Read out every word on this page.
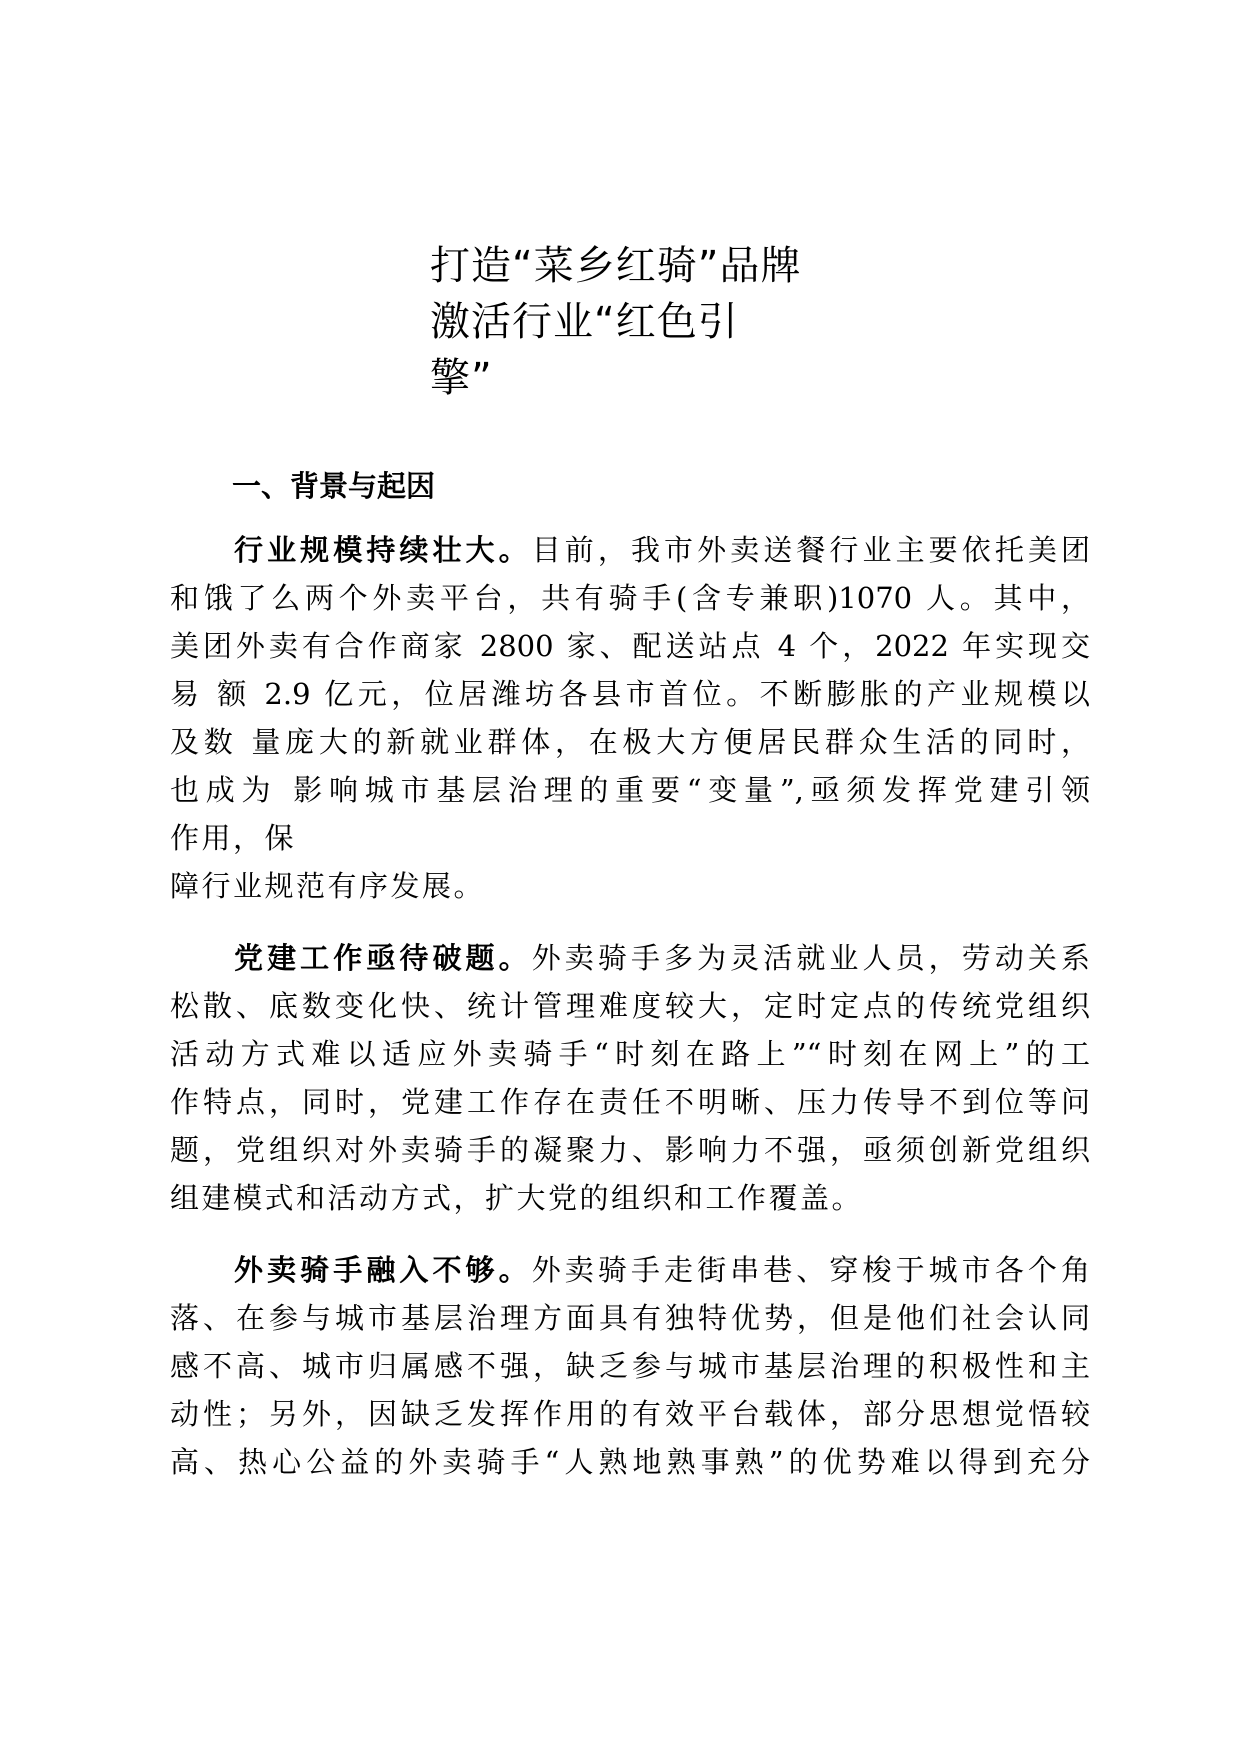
打造“菜乡红骑”品牌
激活行业“红色引
擎”
一、背景与起因
行业规模持续壮大。目前，我市外卖送餐行业主要依托美团
和饿了么两个外卖平台，共有骑手(含专兼职)1070 人。其中，
美团外卖有合作商家 2800 家、配送站点 4 个，2022 年实现交
易 额 2.9 亿元，位居潍坊各县市首位。不断膨胀的产业规模以
及数 量庞大的新就业群体，在极大方便居民群众生活的同时，
也成为 影响城市基层治理的重要“变量”,亟须发挥党建引领
作用，保
障行业规范有序发展。
党建工作亟待破题。外卖骑手多为灵活就业人员，劳动关系
松散、底数变化快、统计管理难度较大，定时定点的传统党组织
活动方式难以适应外卖骑手“时刻在路上”“时刻在网上”的工
作特点，同时，党建工作存在责任不明晰、压力传导不到位等问
题，党组织对外卖骑手的凝聚力、影响力不强，亟须创新党组织
组建模式和活动方式，扩大党的组织和工作覆盖。
外卖骑手融入不够。外卖骑手走街串巷、穿梭于城市各个角
落、在参与城市基层治理方面具有独特优势，但是他们社会认同
感不高、城市归属感不强，缺乏参与城市基层治理的积极性和主
动性；另外，因缺乏发挥作用的有效平台载体，部分思想觉悟较
高、热心公益的外卖骑手“人熟地熟事熟”的优势难以得到充分
